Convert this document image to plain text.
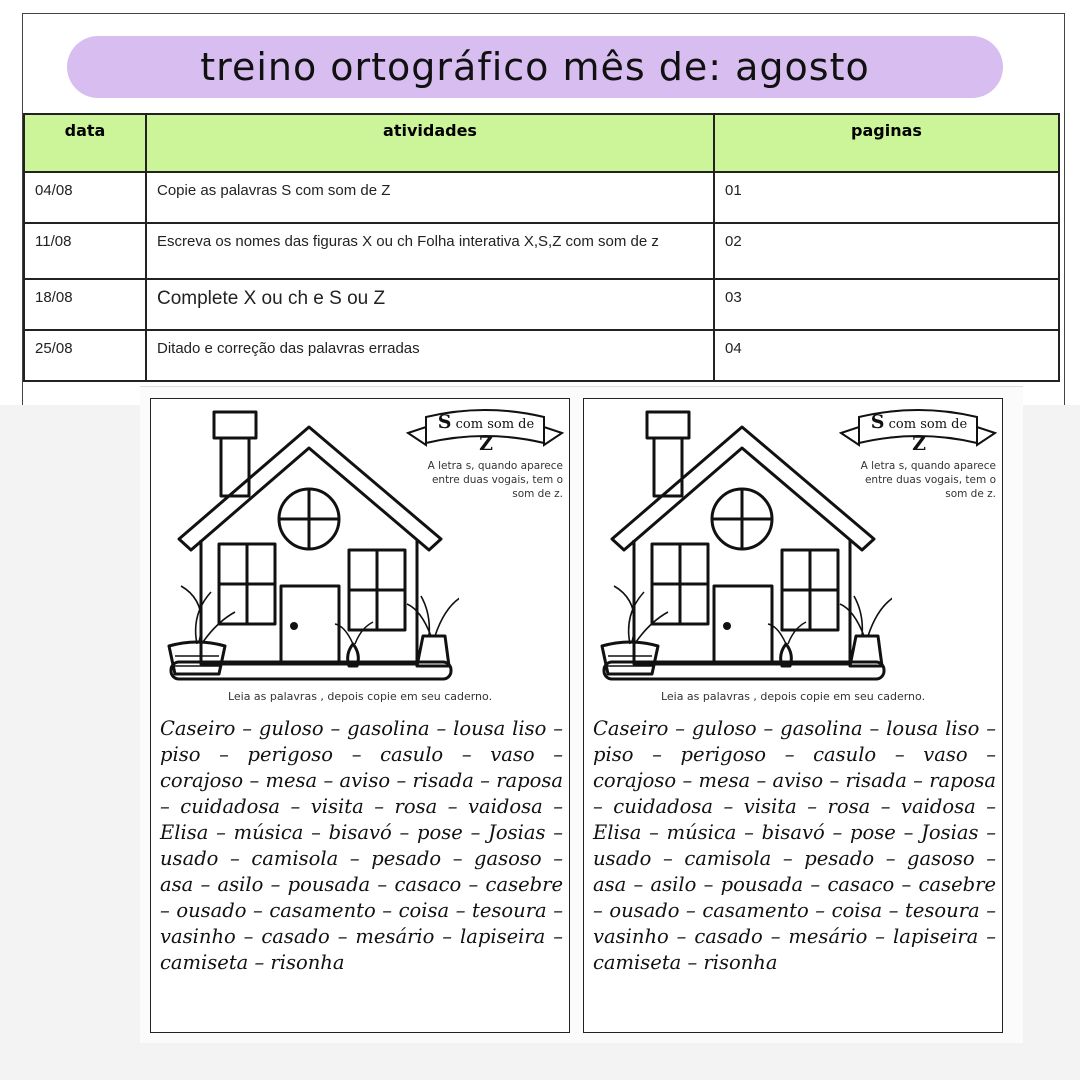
treino ortográfico mês de: agosto
data	atividades	paginas
04/08	Copie as palavras S com som de Z	01
11/08	Escreva os nomes das figuras X ou ch Folha interativa X,S,Z com som de z	02
18/08	Complete X ou ch e S ou Z	03
25/08	Ditado e correção das palavras erradas	04
S com som de Z
A letra s, quando aparece entre duas vogais, tem o som de z.
Leia as palavras , depois copie em seu caderno.
Caseiro – guloso – gasolina – lousa liso – piso – perigoso – casulo – vaso – corajoso – mesa – aviso – risada – raposa – cuidadosa – visita – rosa – vaidosa – Elisa – música – bisavó – pose – Josias – usado – camisola – pesado – gasoso – asa – asilo – pousada – casaco – casebre – ousado – casamento – coisa – tesoura – vasinho – casado – mesário – lapiseira – camiseta – risonha
S com som de Z
A letra s, quando aparece entre duas vogais, tem o som de z.
Leia as palavras , depois copie em seu caderno.
Caseiro – guloso – gasolina – lousa liso – piso – perigoso – casulo – vaso – corajoso – mesa – aviso – risada – raposa – cuidadosa – visita – rosa – vaidosa – Elisa – música – bisavó – pose – Josias – usado – camisola – pesado – gasoso – asa – asilo – pousada – casaco – casebre – ousado – casamento – coisa – tesoura – vasinho – casado – mesário – lapiseira – camiseta – risonha
